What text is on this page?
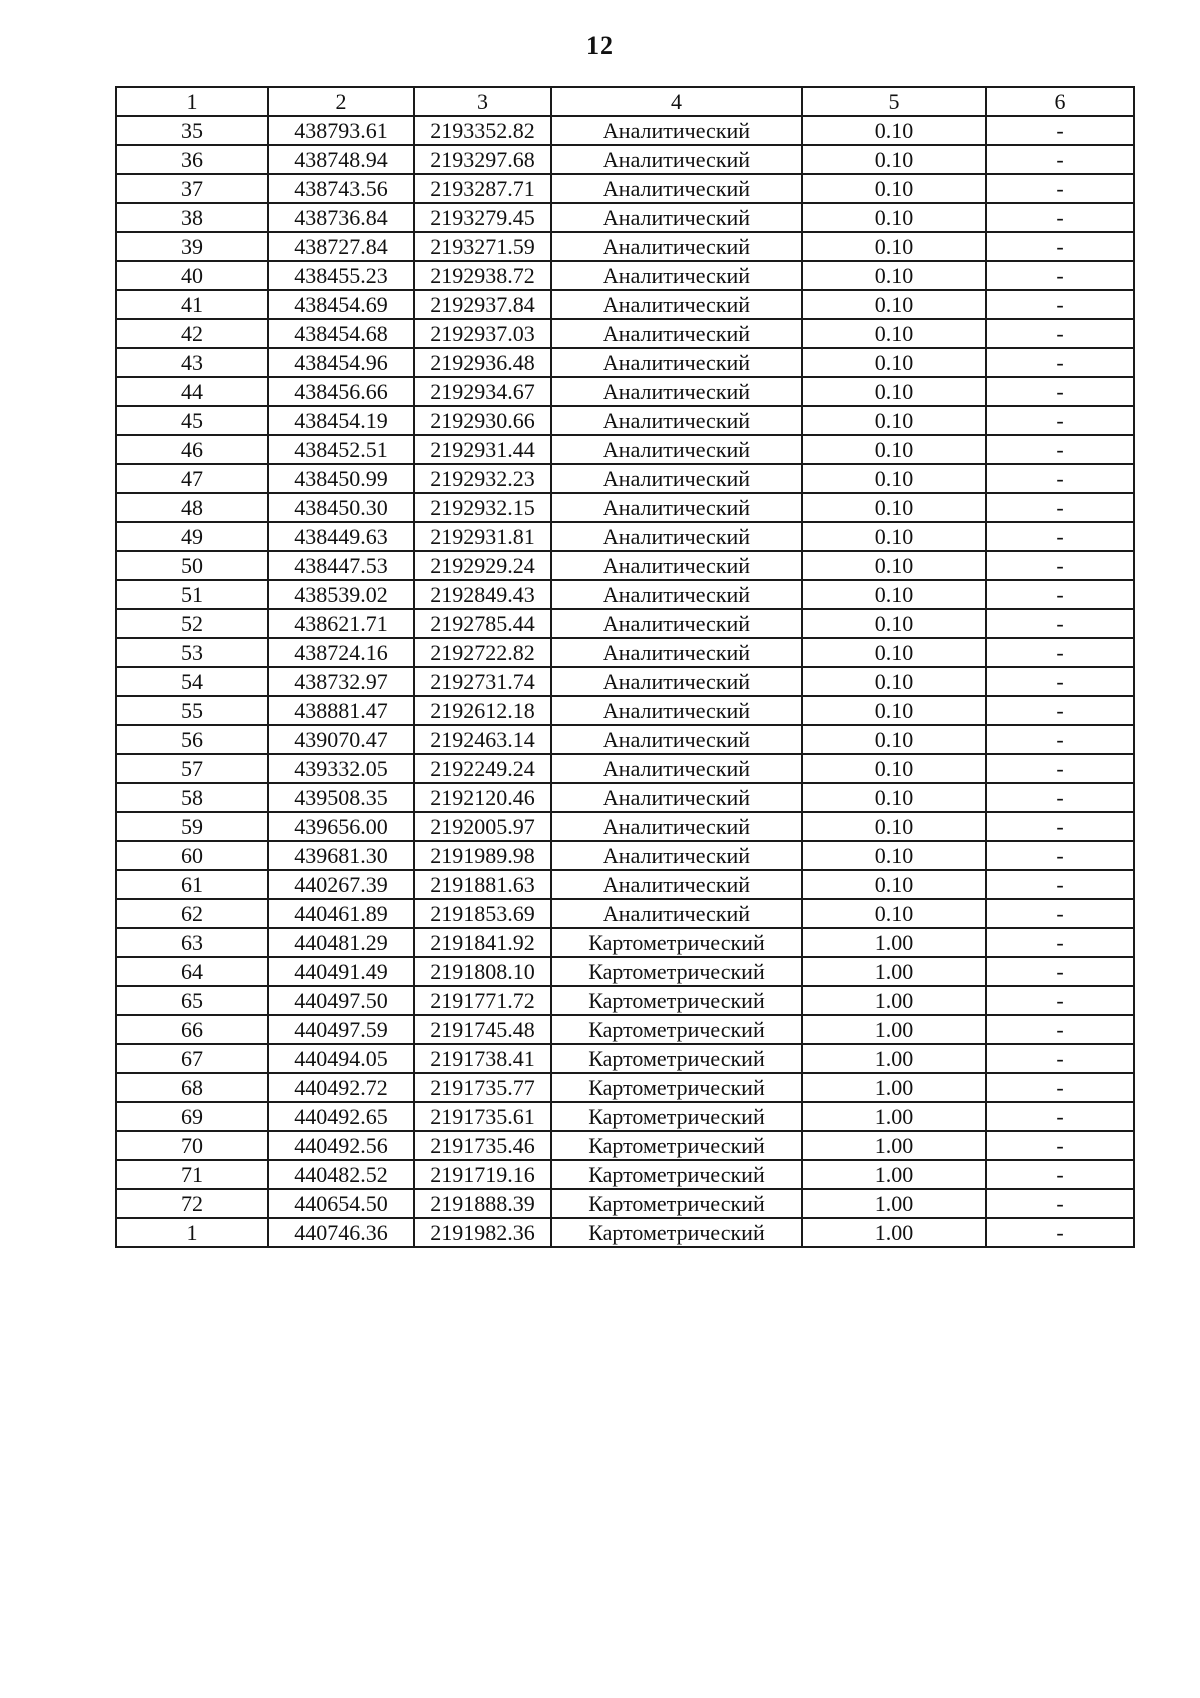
12
1	2	3	4	5	6
35	438793.61	2193352.82	Аналитический	0.10	-
36	438748.94	2193297.68	Аналитический	0.10	-
37	438743.56	2193287.71	Аналитический	0.10	-
38	438736.84	2193279.45	Аналитический	0.10	-
39	438727.84	2193271.59	Аналитический	0.10	-
40	438455.23	2192938.72	Аналитический	0.10	-
41	438454.69	2192937.84	Аналитический	0.10	-
42	438454.68	2192937.03	Аналитический	0.10	-
43	438454.96	2192936.48	Аналитический	0.10	-
44	438456.66	2192934.67	Аналитический	0.10	-
45	438454.19	2192930.66	Аналитический	0.10	-
46	438452.51	2192931.44	Аналитический	0.10	-
47	438450.99	2192932.23	Аналитический	0.10	-
48	438450.30	2192932.15	Аналитический	0.10	-
49	438449.63	2192931.81	Аналитический	0.10	-
50	438447.53	2192929.24	Аналитический	0.10	-
51	438539.02	2192849.43	Аналитический	0.10	-
52	438621.71	2192785.44	Аналитический	0.10	-
53	438724.16	2192722.82	Аналитический	0.10	-
54	438732.97	2192731.74	Аналитический	0.10	-
55	438881.47	2192612.18	Аналитический	0.10	-
56	439070.47	2192463.14	Аналитический	0.10	-
57	439332.05	2192249.24	Аналитический	0.10	-
58	439508.35	2192120.46	Аналитический	0.10	-
59	439656.00	2192005.97	Аналитический	0.10	-
60	439681.30	2191989.98	Аналитический	0.10	-
61	440267.39	2191881.63	Аналитический	0.10	-
62	440461.89	2191853.69	Аналитический	0.10	-
63	440481.29	2191841.92	Картометрический	1.00	-
64	440491.49	2191808.10	Картометрический	1.00	-
65	440497.50	2191771.72	Картометрический	1.00	-
66	440497.59	2191745.48	Картометрический	1.00	-
67	440494.05	2191738.41	Картометрический	1.00	-
68	440492.72	2191735.77	Картометрический	1.00	-
69	440492.65	2191735.61	Картометрический	1.00	-
70	440492.56	2191735.46	Картометрический	1.00	-
71	440482.52	2191719.16	Картометрический	1.00	-
72	440654.50	2191888.39	Картометрический	1.00	-
1	440746.36	2191982.36	Картометрический	1.00	-
